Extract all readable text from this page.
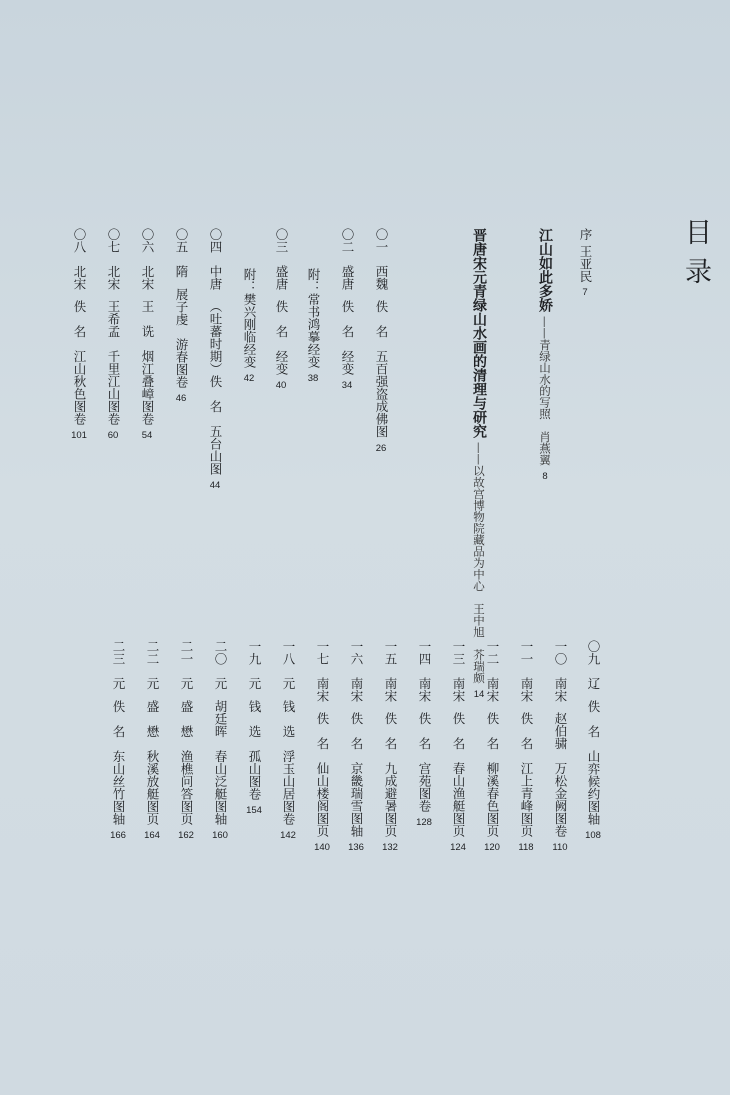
目录
序王亚民7
江山如此多娇——青绿山水的写照　肖燕翼8
晋唐宋元青绿山水画的清理与研究——以故宫博物院藏品为中心　王中旭　芥瑞颇14
〇一西魏佚　名　五百强盗成佛图26
〇二盛唐佚　名　经变34
附：常书鸿摹经变38
〇三盛唐佚　名　经变40
附：樊兴刚临经变42
〇四中唐（吐蕃时期）佚　名　五台山图44
〇五隋展子虔　游春图卷46
〇六北宋王　诜　烟江叠嶂图卷54
〇七北宋王希孟　千里江山图卷60
〇八北宋佚　名　江山秋色图卷101
〇九辽佚　名　山弈候约图轴108
一〇南宋赵伯骕　万松金阙图卷110
一一南宋佚　名　江上青峰图页118
一二南宋佚　名　柳溪春色图页120
一三南宋佚　名　春山渔艇图页124
一四南宋佚　名　宫苑图卷128
一五南宋佚　名　九成避暑图页132
一六南宋佚　名　京畿瑞雪图轴136
一七南宋佚　名　仙山楼阁图页140
一八元钱　选　浮玉山居图卷142
一九元钱　选　孤山图卷154
二〇元胡廷晖　春山泛艇图轴160
二一元盛　懋　渔樵问答图页162
二二元盛　懋　秋溪放艇图页164
二三元佚　名　东山丝竹图轴166
